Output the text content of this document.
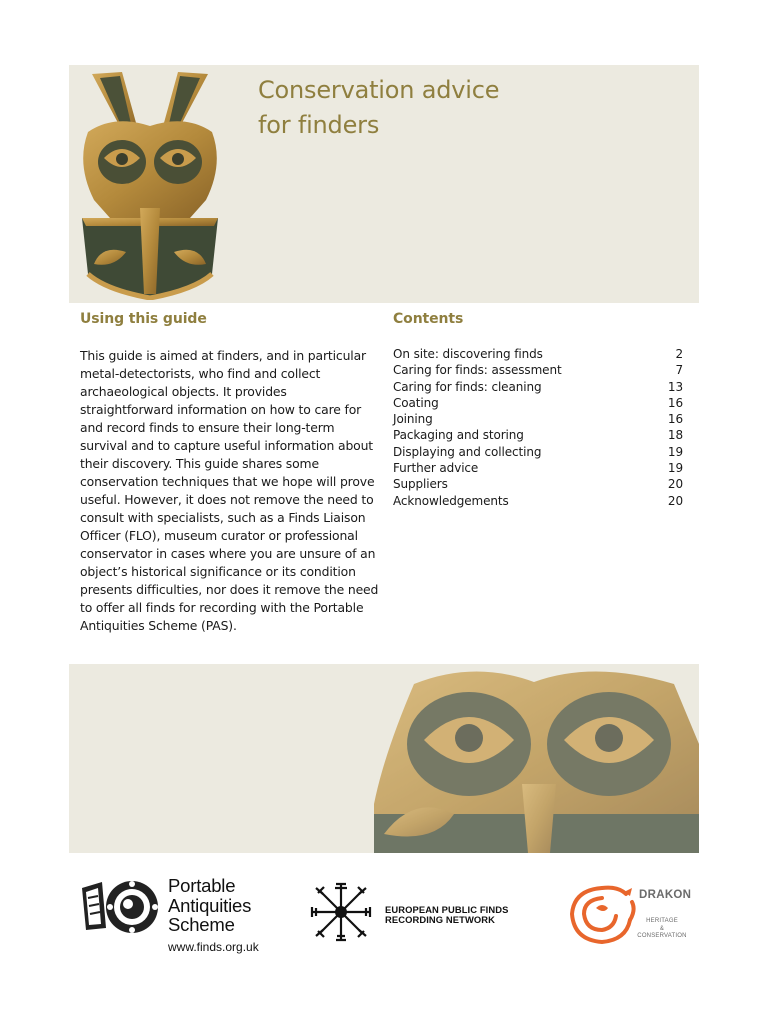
Conservation advice
for finders
Using this guide

This guide is aimed at finders, and in particular metal-detectorists, who find and collect archaeological objects. It provides straightforward information on how to care for and record finds to ensure their long-term survival and to capture useful information about their discovery. This guide shares some conservation techniques that we hope will prove useful. However, it does not remove the need to consult with specialists, such as a Finds Liaison Officer (FLO), museum curator or professional conservator in cases where you are unsure of an object’s historical significance or its condition presents difficulties, nor does it remove the need to offer all finds for recording with the Portable Antiquities Scheme (PAS).

Contents
On site: discovering finds	2
Caring for finds: assessment	7
Caring for finds: cleaning	13
Coating	16
Joining	16
Packaging and storing	18
Displaying and collecting	19
Further advice	19
Suppliers	20
Acknowledgements	20
Portable
Antiquities
Scheme
www.finds.org.uk
EUROPEAN PUBLIC FINDS
RECORDING NETWORK
DRAKON
HERITAGE
&
CONSERVATION
